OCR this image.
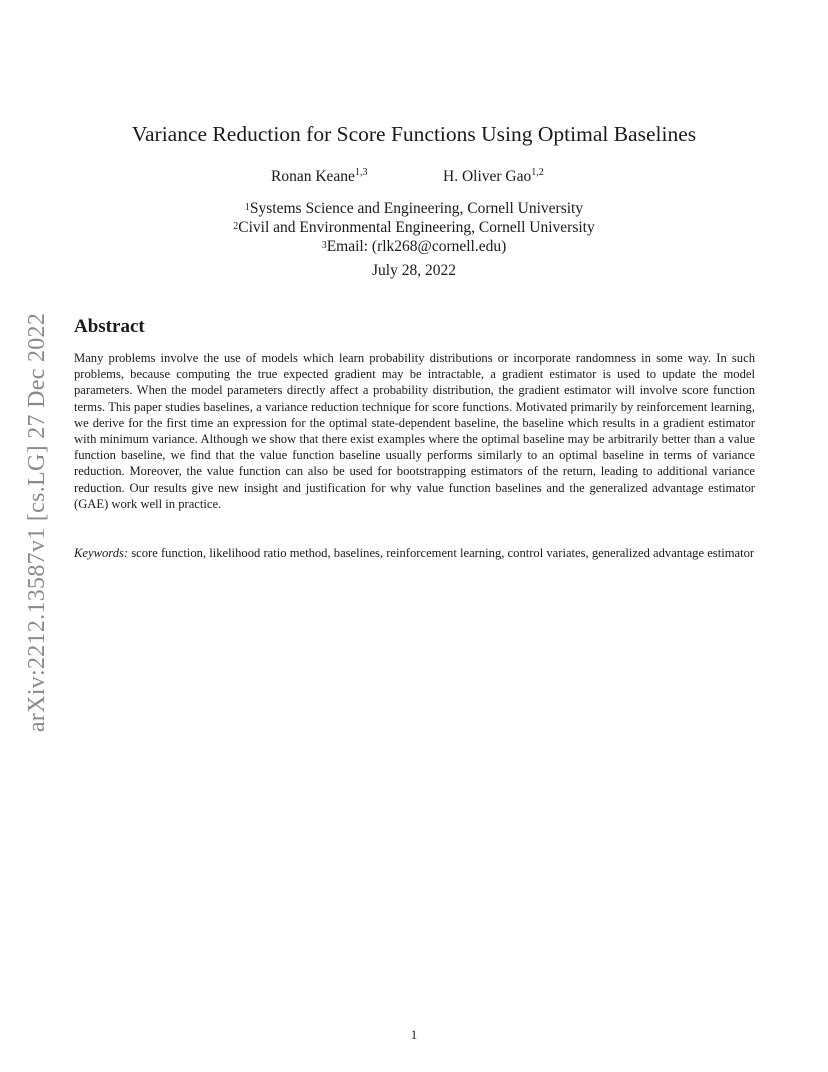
arXiv:2212.13587v1 [cs.LG] 27 Dec 2022
Variance Reduction for Score Functions Using Optimal Baselines
Ronan Keane$^{1,3}$	H. Oliver Gao$^{1,2}$
$^1$Systems Science and Engineering, Cornell University
$^2$Civil and Environmental Engineering, Cornell University
$^3$Email: (rlk268@cornell.edu)
July 28, 2022
Abstract

Many problems involve the use of models which learn probability distributions or incorporate randomness in some way. In such problems, because computing the true expected gradient may be intractable, a gradient estimator is used to update the model parameters. When the model parameters directly affect a probability distribution, the gradient estimator will involve score function terms. This paper studies baselines, a variance reduction technique for score functions. Motivated primarily by reinforcement learning, we derive for the first time an expression for the optimal state-dependent baseline, the baseline which results in a gradient estimator with minimum variance. Although we show that there exist examples where the optimal baseline may be arbitrarily better than a value function baseline, we find that the value function baseline usually performs similarly to an optimal baseline in terms of variance reduction. Moreover, the value function can also be used for bootstrapping estimators of the return, leading to additional variance reduction. Our results give new insight and justification for why value function baselines and the generalized advantage estimator (GAE) work well in practice.

Keywords: score function, likelihood ratio method, baselines, reinforcement learning, control variates, generalized advantage estimator

1
